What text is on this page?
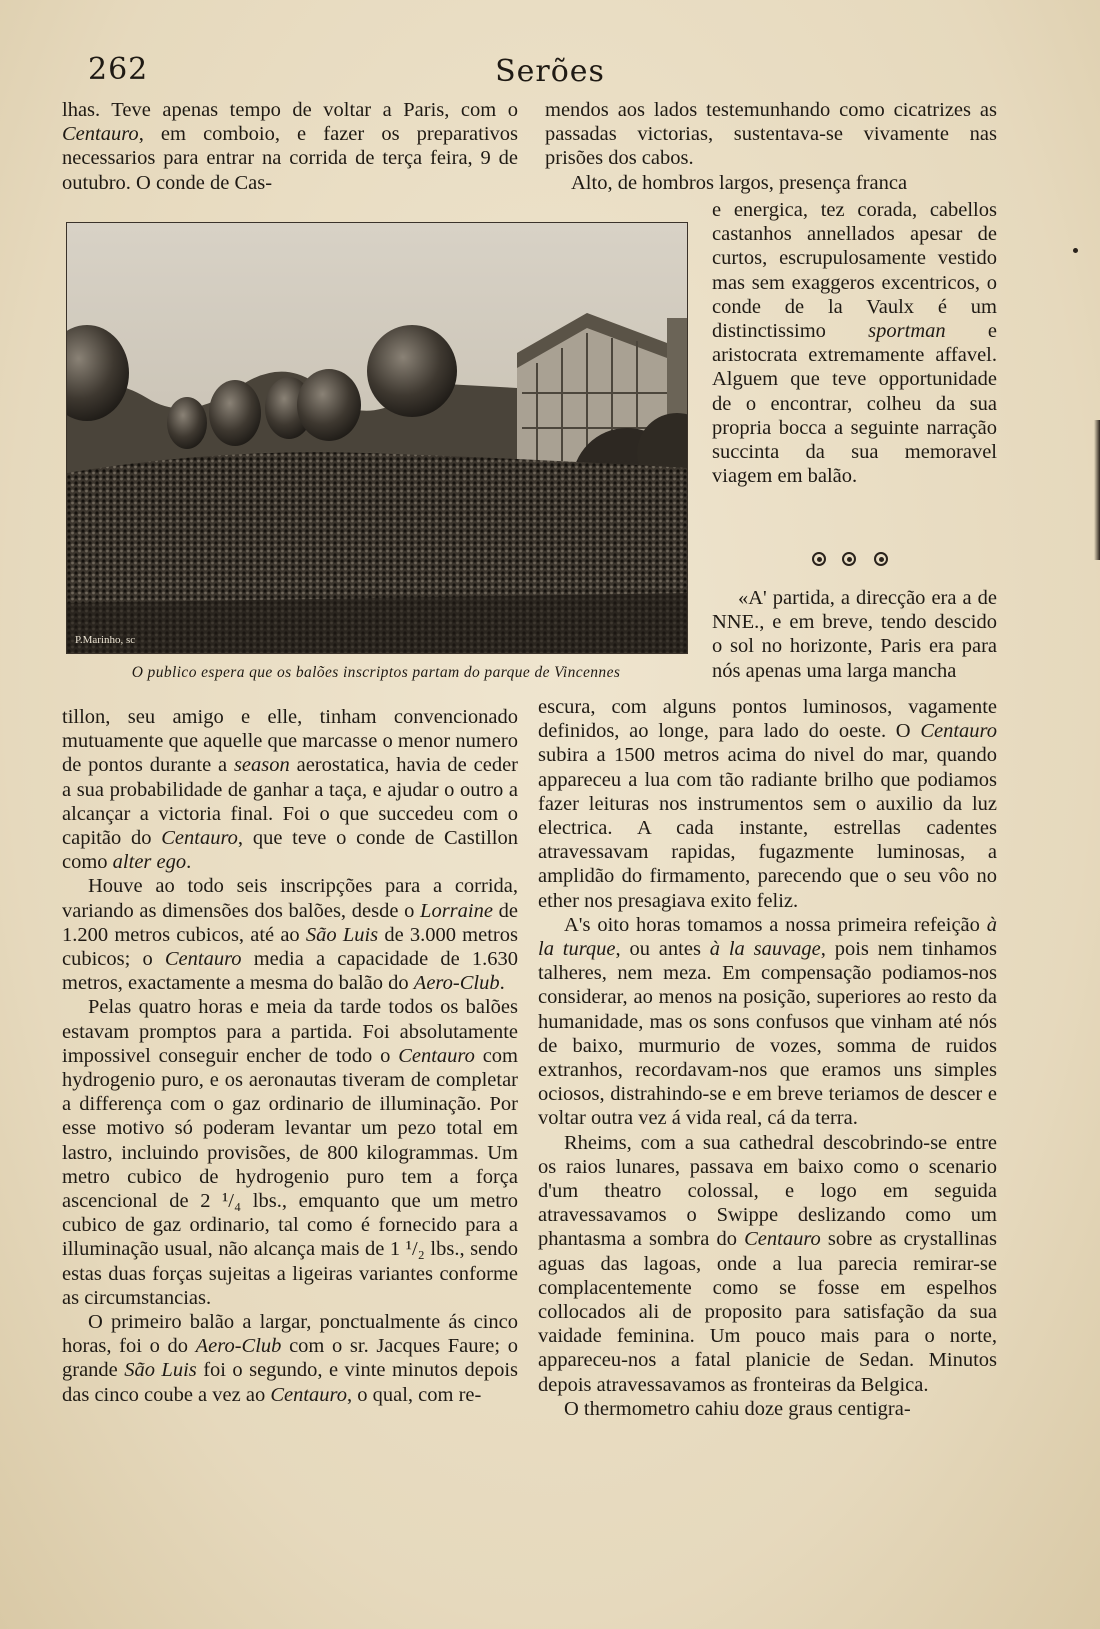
262	Serões

lhas. Teve apenas tempo de voltar a Paris, com o Centauro, em comboio, e fazer os preparativos necessarios para entrar na corrida de terça feira, 9 de outubro. O conde de Cas-

P.Marinho, sc
O publico espera que os balões inscriptos partam do parque de Vincennes

tillon, seu amigo e elle, tinham convencionado mutuamente que aquelle que marcasse o menor numero de pontos durante a season aerostatica, havia de ceder a sua probabilidade de ganhar a taça, e ajudar o outro a alcançar a victoria final. Foi o que succedeu com o capitão do Centauro, que teve o conde de Castillon como alter ego.

Houve ao todo seis inscripções para a corrida, variando as dimensões dos balões, desde o Lorraine de 1.200 metros cubicos, até ao São Luis de 3.000 metros cubicos; o Centauro media a capacidade de 1.630 metros, exactamente a mesma do balão do Aero-Club.

Pelas quatro horas e meia da tarde todos os balões estavam promptos para a partida. Foi absolutamente impossivel conseguir encher de todo o Centauro com hydrogenio puro, e os aeronautas tiveram de completar a differença com o gaz ordinario de illuminação. Por esse motivo só poderam levantar um pezo total em lastro, incluindo provisões, de 800 kilogrammas. Um metro cubico de hydrogenio puro tem a força ascencional de 2 ¹/₄ lbs., emquanto que um metro cubico de gaz ordinario, tal como é fornecido para a illuminação usual, não alcança mais de 1 ¹/₂ lbs., sendo estas duas forças sujeitas a ligeiras variantes conforme as circumstancias.

O primeiro balão a largar, ponctualmente ás cinco horas, foi o do Aero-Club com o sr. Jacques Faure; o grande São Luis foi o segundo, e vinte minutos depois das cinco coube a vez ao Centauro, o qual, com re-

mendos aos lados testemunhando como cicatrizes as passadas victorias, sustentava-se vivamente nas prisões dos cabos.

Alto, de hombros largos, presença franca

e energica, tez corada, cabellos castanhos annellados apesar de curtos, escrupulosamente vestido mas sem exaggeros excentricos, o conde de la Vaulx é um distinctissimo sportman e aristocrata extremamente affavel. Alguem que teve opportunidade de o encontrar, colheu da sua propria bocca a seguinte narração succinta da sua memoravel viagem em balão.

«A' partida, a direcção era a de NNE., e em breve, tendo descido o sol no horizonte, Paris era para nós apenas uma larga mancha

escura, com alguns pontos luminosos, vagamente definidos, ao longe, para lado do oeste. O Centauro subira a 1500 metros acima do nivel do mar, quando appareceu a lua com tão radiante brilho que podiamos fazer leituras nos instrumentos sem o auxilio da luz electrica. A cada instante, estrellas cadentes atravessavam rapidas, fugazmente luminosas, a amplidão do firmamento, parecendo que o seu vôo no ether nos presagiava exito feliz.

A's oito horas tomamos a nossa primeira refeição à la turque, ou antes à la sauvage, pois nem tinhamos talheres, nem meza. Em compensação podiamos-nos considerar, ao menos na posição, superiores ao resto da humanidade, mas os sons confusos que vinham até nós de baixo, murmurio de vozes, somma de ruidos extranhos, recordavam-nos que eramos uns simples ociosos, distrahindo-se e em breve teriamos de descer e voltar outra vez á vida real, cá da terra.

Rheims, com a sua cathedral descobrindo-se entre os raios lunares, passava em baixo como o scenario d'um theatro colossal, e logo em seguida atravessavamos o Swippe deslizando como um phantasma a sombra do Centauro sobre as crystallinas aguas das lagoas, onde a lua parecia remirar-se complacentemente como se fosse em espelhos collocados ali de proposito para satisfação da sua vaidade feminina. Um pouco mais para o norte, appareceu-nos a fatal planicie de Sedan. Minutos depois atravessavamos as fronteiras da Belgica.

O thermometro cahiu doze graus centigra-
